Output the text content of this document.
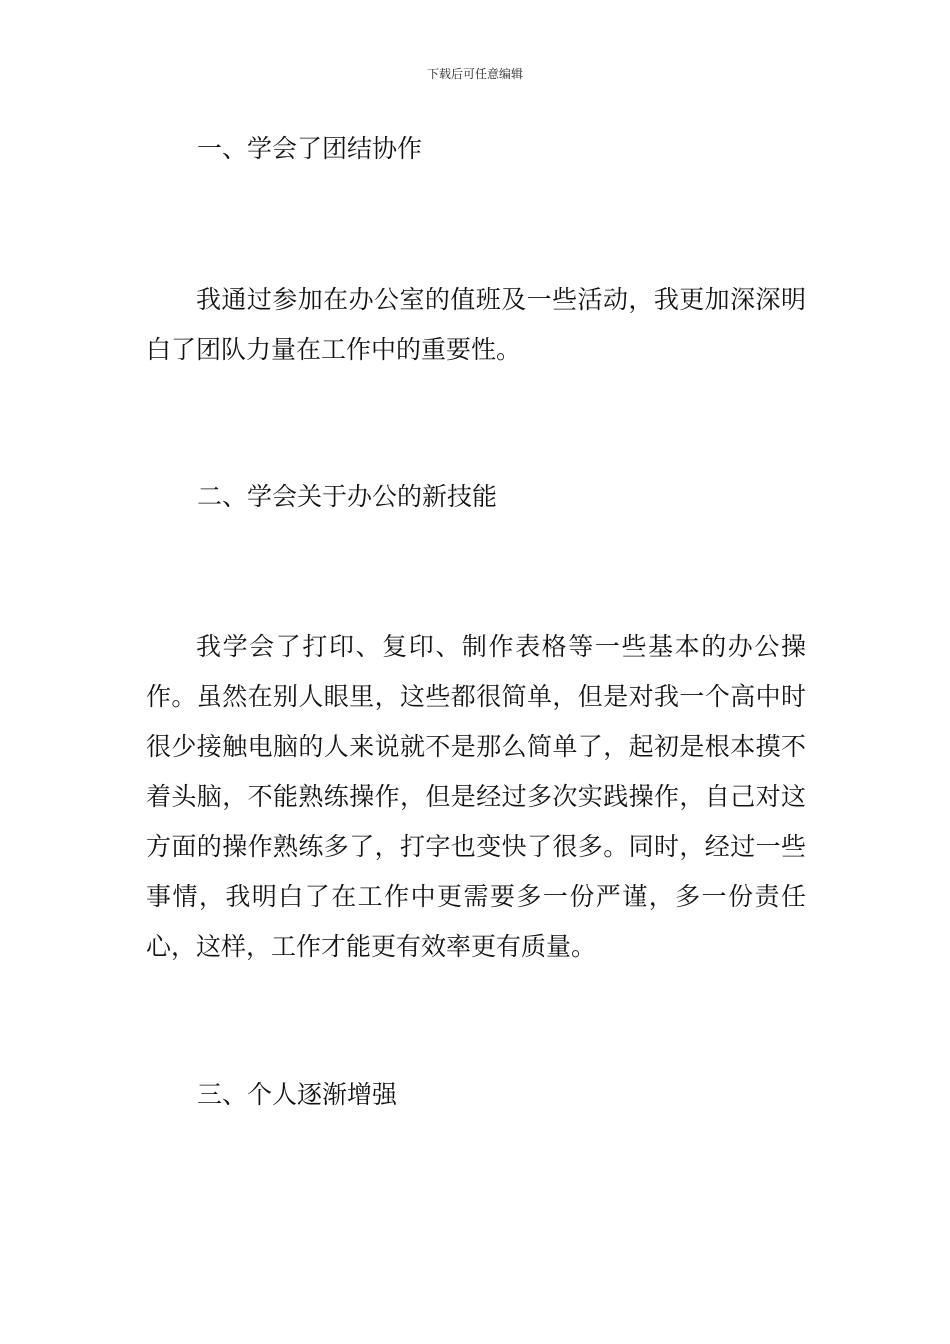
下载后可任意编辑
一、学会了团结协作

我通过参加在办公室的值班及一些活动，我更加深深明白了团队力量在工作中的重要性。

二、学会关于办公的新技能

我学会了打印、复印、制作表格等一些基本的办公操作。虽然在别人眼里，这些都很简单，但是对我一个高中时很少接触电脑的人来说就不是那么简单了，起初是根本摸不着头脑，不能熟练操作，但是经过多次实践操作，自己对这方面的操作熟练多了，打字也变快了很多。同时，经过一些事情，我明白了在工作中更需要多一份严谨，多一份责任心，这样，工作才能更有效率更有质量。

三、个人逐渐增强
